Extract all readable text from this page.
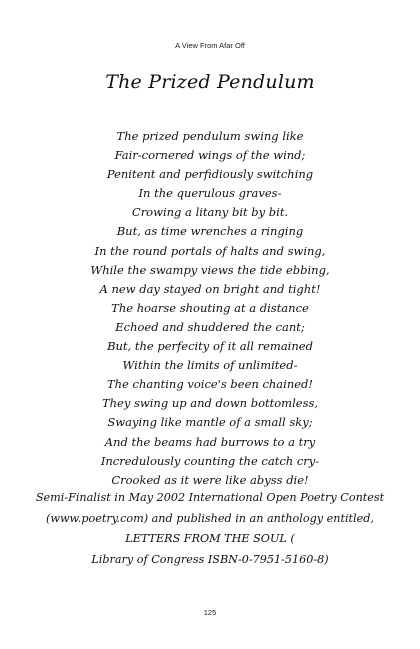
A View From Afar Off
The Prized Pendulum
The prized pendulum swing like
Fair-cornered wings of the wind;
Penitent and perfidiously switching
In the querulous graves-
Crowing a litany bit by bit.
But, as time wrenches a ringing
In the round portals of halts and swing,
While the swampy views the tide ebbing,
A new day stayed on bright and tight!
The hoarse shouting at a distance
Echoed and shuddered the cant;
But, the perfecity of it all remained
Within the limits of unlimited-
The chanting voice's been chained!
They swing up and down bottomless,
Swaying like mantle of a small sky;
And the beams had burrows to a try
Incredulously counting the catch cry-
Crooked as it were like abyss die!
Semi-Finalist in May 2002 International Open Poetry Contest
(www.poetry.com) and published in an anthology entitled,
LETTERS FROM THE SOUL (
Library of Congress ISBN-0-7951-5160-8)
125
